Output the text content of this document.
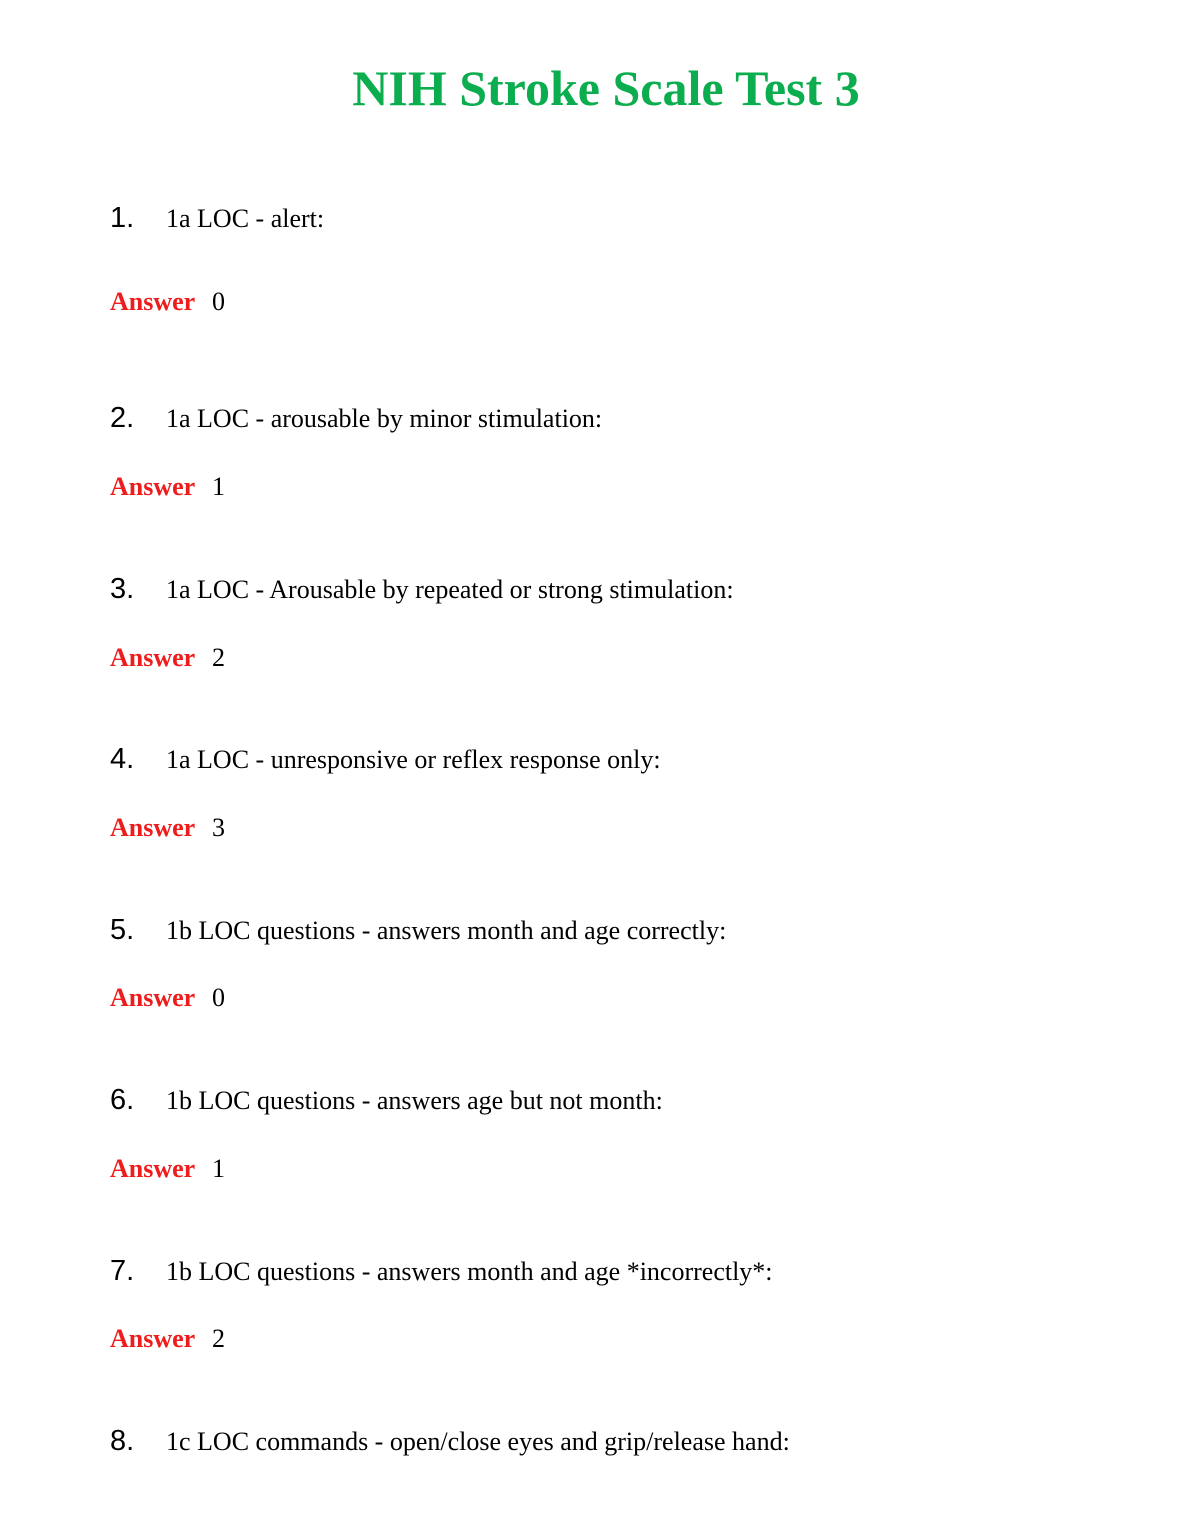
NIH Stroke Scale Test 3
1. 1a LOC - alert:
Answer 0
2. 1a LOC - arousable by minor stimulation:
Answer 1
3. 1a LOC - Arousable by repeated or strong stimulation:
Answer 2
4. 1a LOC - unresponsive or reflex response only:
Answer 3
5. 1b LOC questions - answers month and age correctly:
Answer 0
6. 1b LOC questions - answers age but not month:
Answer 1
7. 1b LOC questions - answers month and age *incorrectly*:
Answer 2
8. 1c LOC commands - open/close eyes and grip/release hand:
